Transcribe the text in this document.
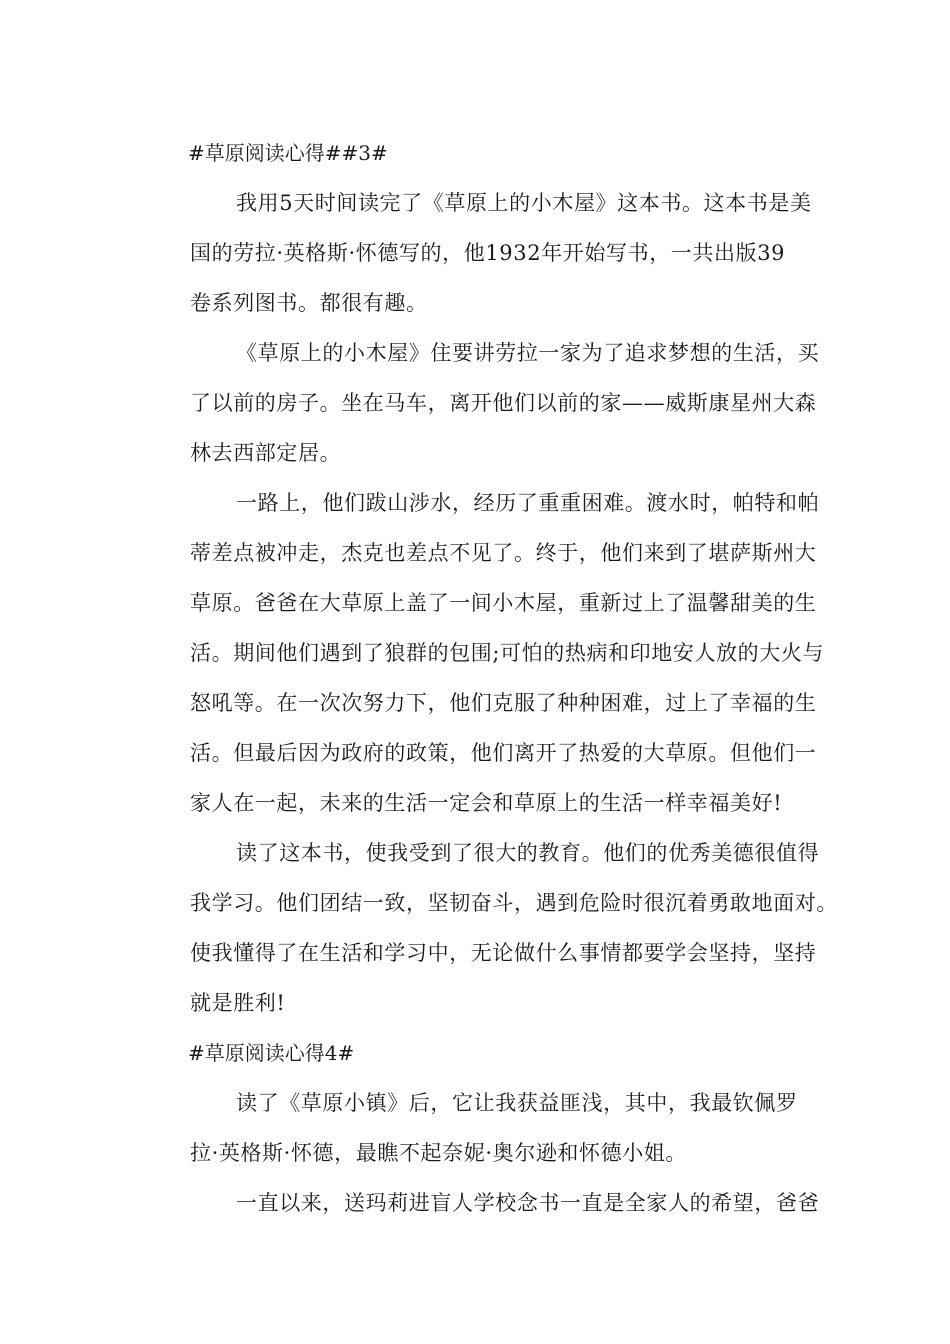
#草原阅读心得##3#
我用5天时间读完了《草原上的小木屋》这本书。这本书是美
国的劳拉·英格斯·怀德写的，他1932年开始写书，一共出版39
卷系列图书。都很有趣。
《草原上的小木屋》住要讲劳拉一家为了追求梦想的生活，买
了以前的房子。坐在马车，离开他们以前的家——威斯康星州大森
林去西部定居。
一路上，他们跋山涉水，经历了重重困难。渡水时，帕特和帕
蒂差点被冲走，杰克也差点不见了。终于，他们来到了堪萨斯州大
草原。爸爸在大草原上盖了一间小木屋，重新过上了温馨甜美的生
活。期间他们遇到了狼群的包围;可怕的热病和印地安人放的大火与
怒吼等。在一次次努力下，他们克服了种种困难，过上了幸福的生
活。但最后因为政府的政策，他们离开了热爱的大草原。但他们一
家人在一起，未来的生活一定会和草原上的生活一样幸福美好!
读了这本书，使我受到了很大的教育。他们的优秀美德很值得
我学习。他们团结一致，坚韧奋斗，遇到危险时很沉着勇敢地面对。
使我懂得了在生活和学习中，无论做什么事情都要学会坚持，坚持
就是胜利!
#草原阅读心得4#
读了《草原小镇》后，它让我获益匪浅，其中，我最钦佩罗
拉·英格斯·怀德，最瞧不起奈妮·奥尔逊和怀德小姐。
一直以来，送玛莉进盲人学校念书一直是全家人的希望，爸爸
